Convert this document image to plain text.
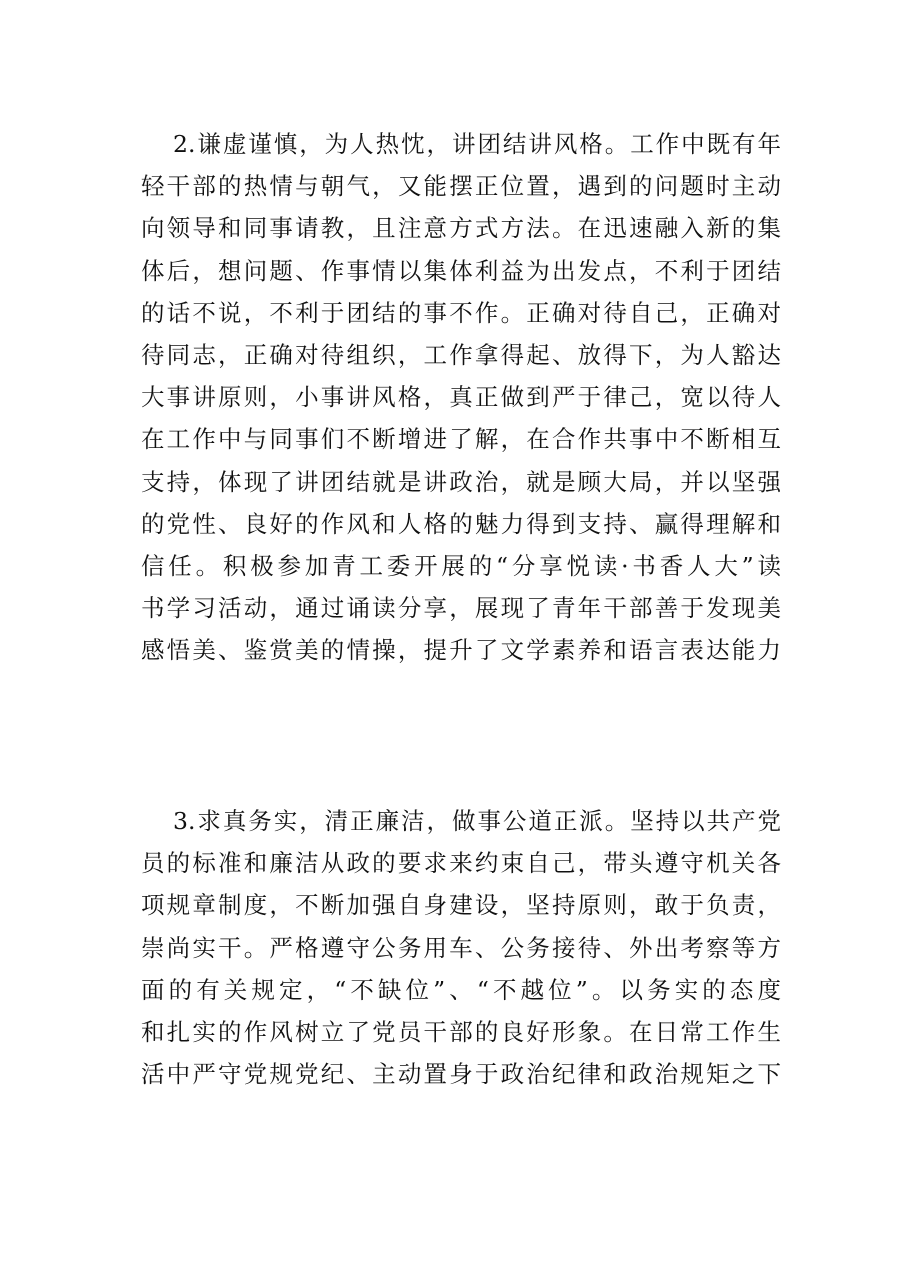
2.谦虚谨慎，为人热忱，讲团结讲风格。工作中既有年
轻干部的热情与朝气，又能摆正位置，遇到的问题时主动
向领导和同事请教，且注意方式方法。在迅速融入新的集
体后，想问题、作事情以集体利益为出发点，不利于团结
的话不说，不利于团结的事不作。正确对待自己，正确对
待同志，正确对待组织，工作拿得起、放得下，为人豁达
大事讲原则，小事讲风格，真正做到严于律己，宽以待人
在工作中与同事们不断增进了解，在合作共事中不断相互
支持，体现了讲团结就是讲政治，就是顾大局，并以坚强
的党性、良好的作风和人格的魅力得到支持、赢得理解和
信任。积极参加青工委开展的“分享悦读·书香人大”读
书学习活动，通过诵读分享，展现了青年干部善于发现美
感悟美、鉴赏美的情操，提升了文学素养和语言表达能力
3.求真务实，清正廉洁，做事公道正派。坚持以共产党
员的标准和廉洁从政的要求来约束自己，带头遵守机关各
项规章制度，不断加强自身建设，坚持原则，敢于负责，
崇尚实干。严格遵守公务用车、公务接待、外出考察等方
面的有关规定，“不缺位”、“不越位”。以务实的态度
和扎实的作风树立了党员干部的良好形象。在日常工作生
活中严守党规党纪、主动置身于政治纪律和政治规矩之下
